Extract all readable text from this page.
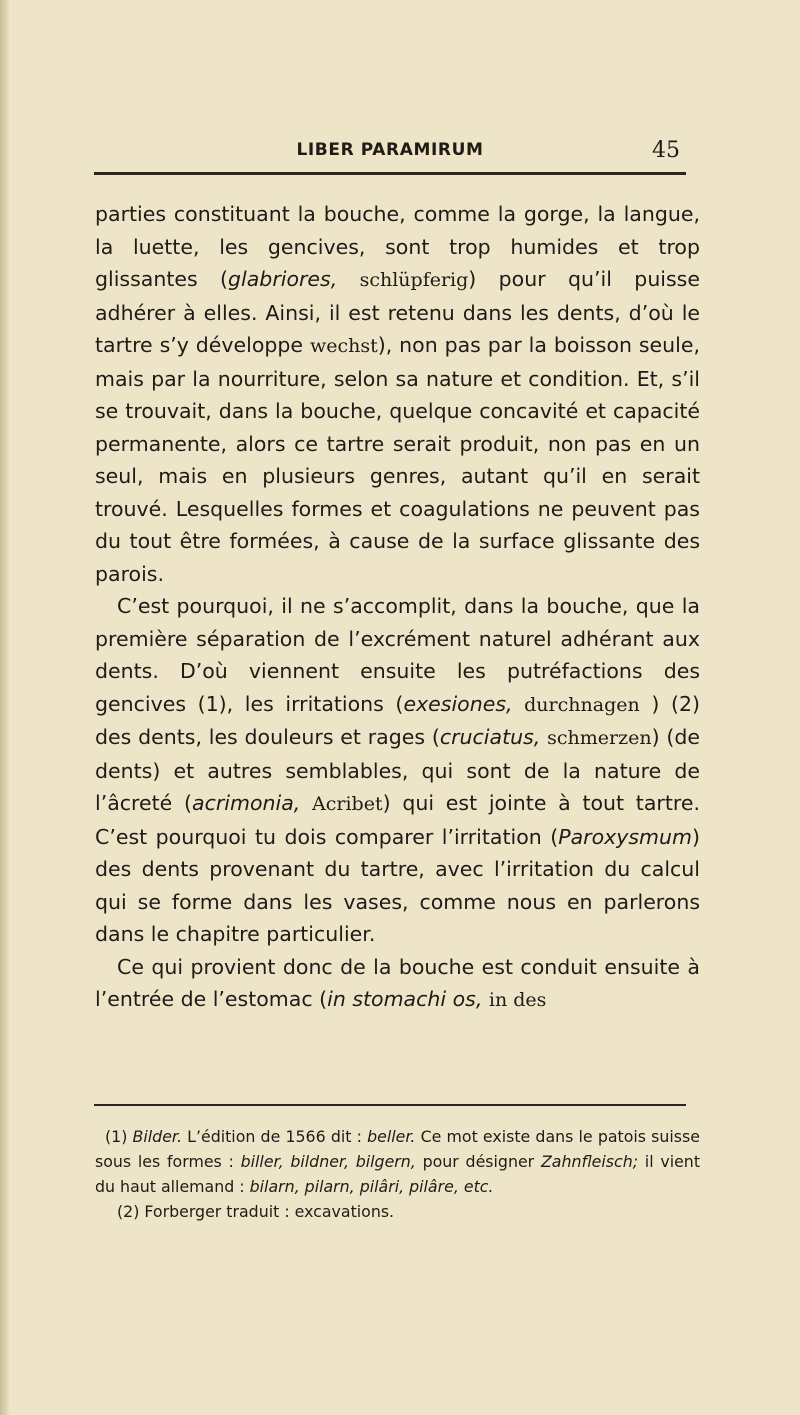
LIBER PARAMIRUM	45

parties constituant la bouche, comme la gorge, la langue, la luette, les gencives, sont trop humides et trop glissantes (glabriores, schlüpferig) pour qu’il puisse adhérer à elles. Ainsi, il est retenu dans les dents, d’où le tartre s’y développe wechst), non pas par la boisson seule, mais par la nourriture, selon sa nature et condition. Et, s’il se trouvait, dans la bouche, quelque concavité et capacité permanente, alors ce tartre serait produit, non pas en un seul, mais en plusieurs genres, autant qu’il en serait trouvé. Lesquelles formes et coagulations ne peuvent pas du tout être formées, à cause de la surface glissante des parois.

C’est pourquoi, il ne s’accomplit, dans la bouche, que la première séparation de l’excrément naturel adhérant aux dents. D’où viennent ensuite les putréfactions des gencives (1), les irritations (exesiones, durchnagen ) (2) des dents, les douleurs et rages (cruciatus, schmerzen) (de dents) et autres semblables, qui sont de la nature de l’âcreté (acrimonia, Acribet) qui est jointe à tout tartre. C’est pourquoi tu dois comparer l’irritation (Paroxysmum) des dents provenant du tartre, avec l’irritation du calcul qui se forme dans les vases, comme nous en parlerons dans le chapitre particulier.

Ce qui provient donc de la bouche est conduit ensuite à l’entrée de l’estomac (in stomachi os, in des

(1) Bilder. L’édition de 1566 dit : beller. Ce mot existe dans le patois suisse sous les formes : biller, bildner, bilgern, pour désigner Zahnfleisch; il vient du haut allemand : bilarn, pilarn, pilâri, pilâre, etc.

(2) Forberger traduit : excavations.
